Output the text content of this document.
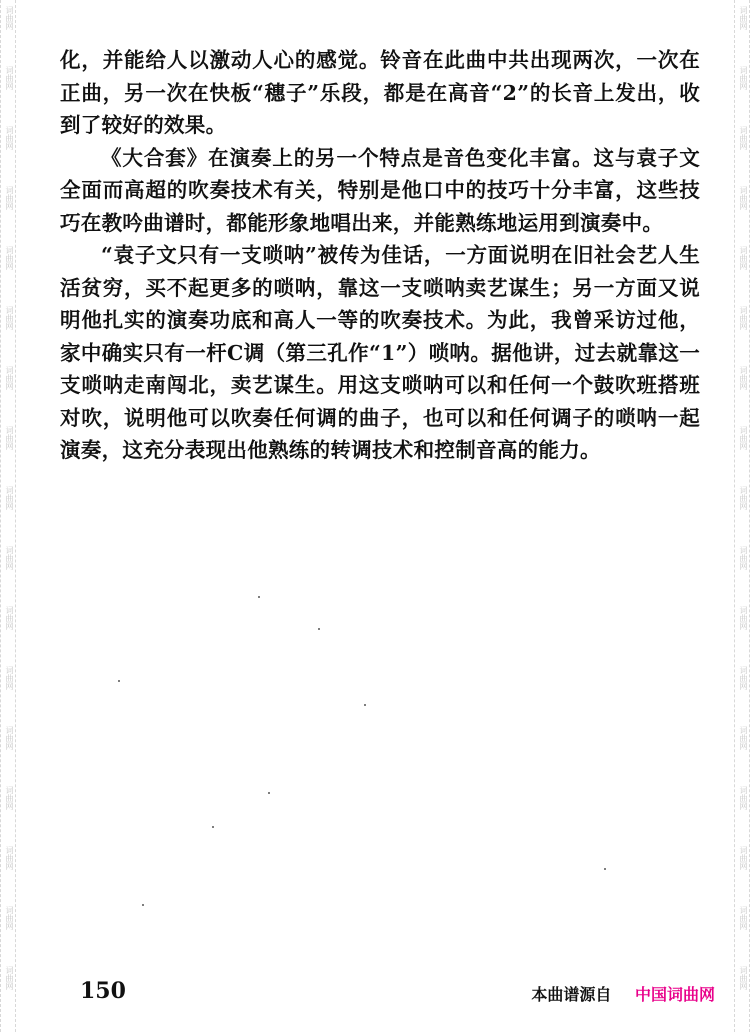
词曲网
词曲网
词曲网
词曲网
词曲网
词曲网
词曲网
词曲网
词曲网
词曲网
词曲网
词曲网
词曲网
词曲网
词曲网
词曲网
词曲网
词曲网
词曲网
词曲网
词曲网
词曲网
词曲网
词曲网
词曲网
词曲网
词曲网
词曲网
词曲网
词曲网
词曲网
词曲网
词曲网
词曲网

化，并能给人以激动人心的感觉。铃音在此曲中共出现两次，一次在正曲，另一次在快板“穗子”乐段，都是在高音“2”的长音上发出，收到了较好的效果。

《大合套》在演奏上的另一个特点是音色变化丰富。这与袁子文全面而高超的吹奏技术有关，特别是他口中的技巧十分丰富，这些技巧在教吟曲谱时，都能形象地唱出来，并能熟练地运用到演奏中。

“袁子文只有一支唢呐”被传为佳话，一方面说明在旧社会艺人生活贫穷，买不起更多的唢呐，靠这一支唢呐卖艺谋生；另一方面又说明他扎实的演奏功底和高人一等的吹奏技术。为此，我曾采访过他，家中确实只有一杆C调（第三孔作“1”）唢呐。据他讲，过去就靠这一支唢呐走南闯北，卖艺谋生。用这支唢呐可以和任何一个鼓吹班搭班对吹，说明他可以吹奏任何调的曲子，也可以和任何调子的唢呐一起演奏，这充分表现出他熟练的转调技术和控制音高的能力。

150	本曲谱源自 中国词曲网
